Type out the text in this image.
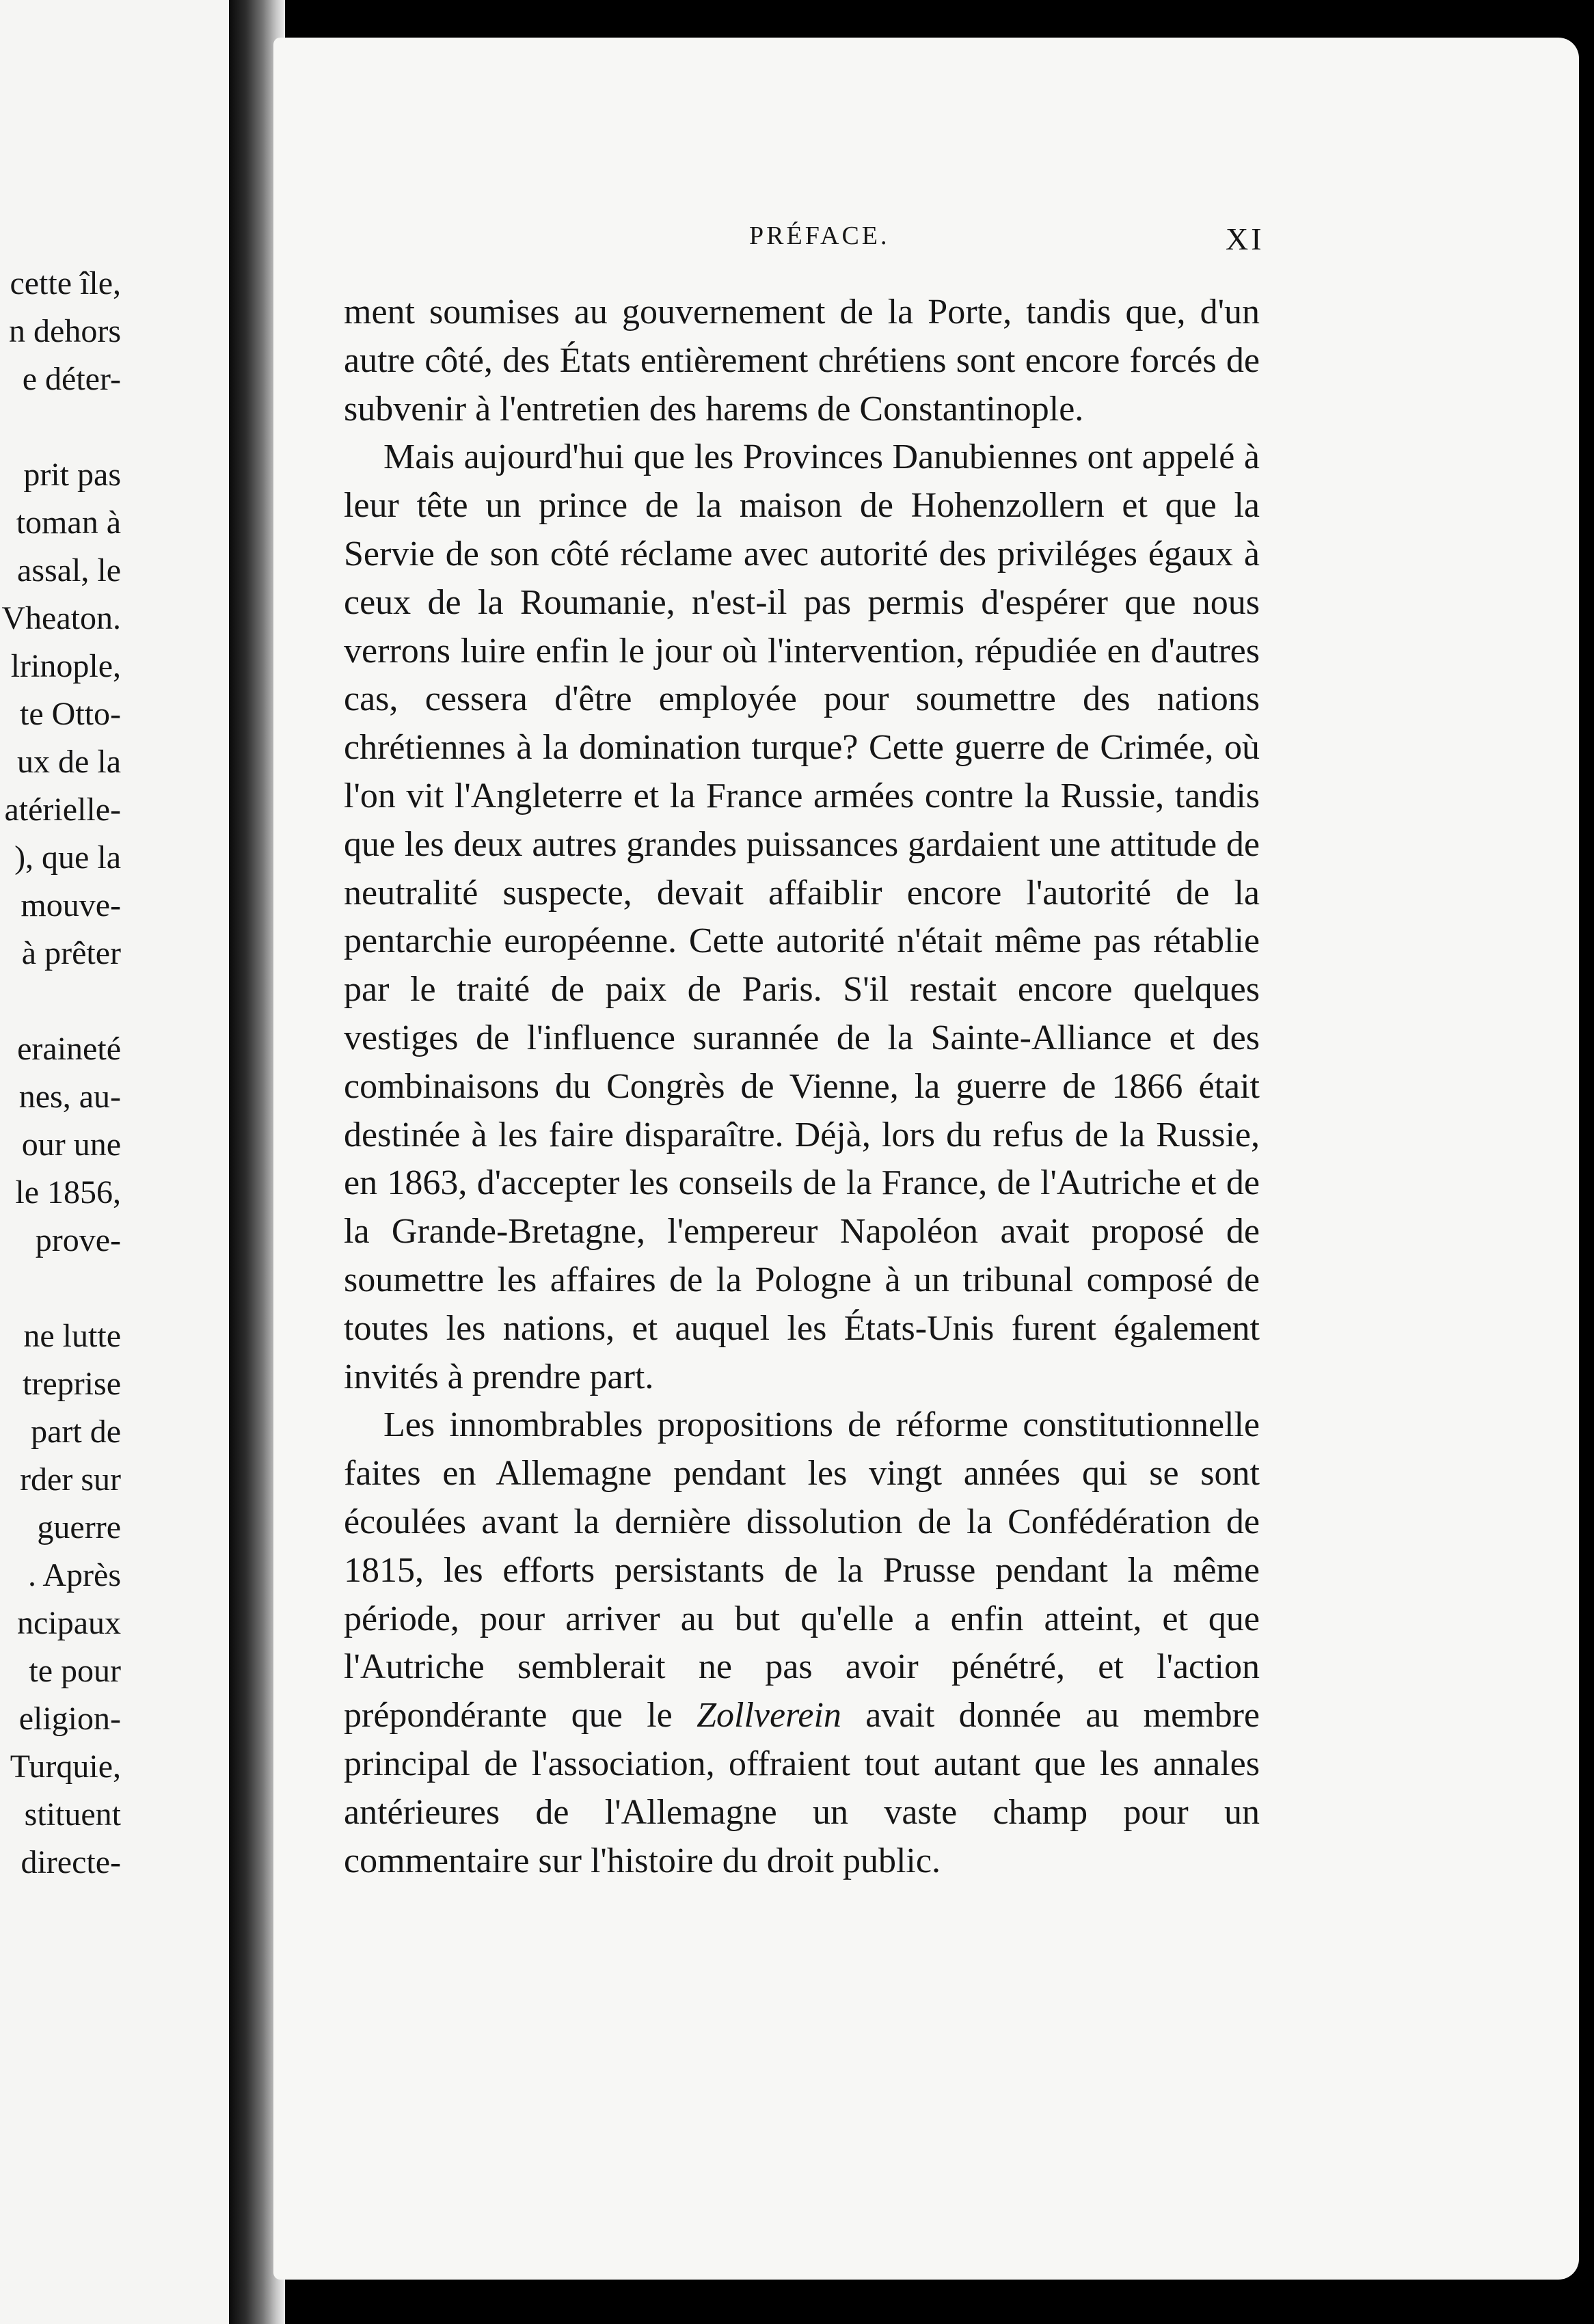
cette île,
n dehors
e déter-
prit pas
toman à
assal, le
Vheaton.
lrinople,
te Otto-
ux de la
atérielle-
), que la
mouve-
à prêter
eraineté
nes, au-
our une
le 1856,
prove-
ne lutte
treprise
part de
rder sur
guerre
. Après
ncipaux
te pour
eligion-
Turquie,
stituent
directe-
PRÉFACE.	XI

ment soumises au gouvernement de la Porte, tandis que, d'un autre côté, des États entièrement chrétiens sont encore forcés de subvenir à l'entretien des harems de Constantinople.

Mais aujourd'hui que les Provinces Danubiennes ont appelé à leur tête un prince de la maison de Hohenzollern et que la Servie de son côté réclame avec autorité des priviléges égaux à ceux de la Roumanie, n'est-il pas permis d'espérer que nous verrons luire enfin le jour où l'intervention, répudiée en d'autres cas, cessera d'être employée pour soumettre des nations chrétiennes à la domination turque? Cette guerre de Crimée, où l'on vit l'Angleterre et la France armées contre la Russie, tandis que les deux autres grandes puissances gardaient une attitude de neutralité suspecte, devait affaiblir encore l'autorité de la pentarchie européenne. Cette autorité n'était même pas rétablie par le traité de paix de Paris. S'il restait encore quelques vestiges de l'influence surannée de la Sainte-Alliance et des combinaisons du Congrès de Vienne, la guerre de 1866 était destinée à les faire disparaître. Déjà, lors du refus de la Russie, en 1863, d'accepter les conseils de la France, de l'Autriche et de la Grande-Bretagne, l'empereur Napoléon avait proposé de soumettre les affaires de la Pologne à un tribunal composé de toutes les nations, et auquel les États-Unis furent également invités à prendre part.

Les innombrables propositions de réforme constitutionnelle faites en Allemagne pendant les vingt années qui se sont écoulées avant la dernière dissolution de la Confédération de 1815, les efforts persistants de la Prusse pendant la même période, pour arriver au but qu'elle a enfin atteint, et que l'Autriche semblerait ne pas avoir pénétré, et l'action prépondérante que le Zollverein avait donnée au membre principal de l'association, offraient tout autant que les annales antérieures de l'Allemagne un vaste champ pour un commentaire sur l'histoire du droit public.
